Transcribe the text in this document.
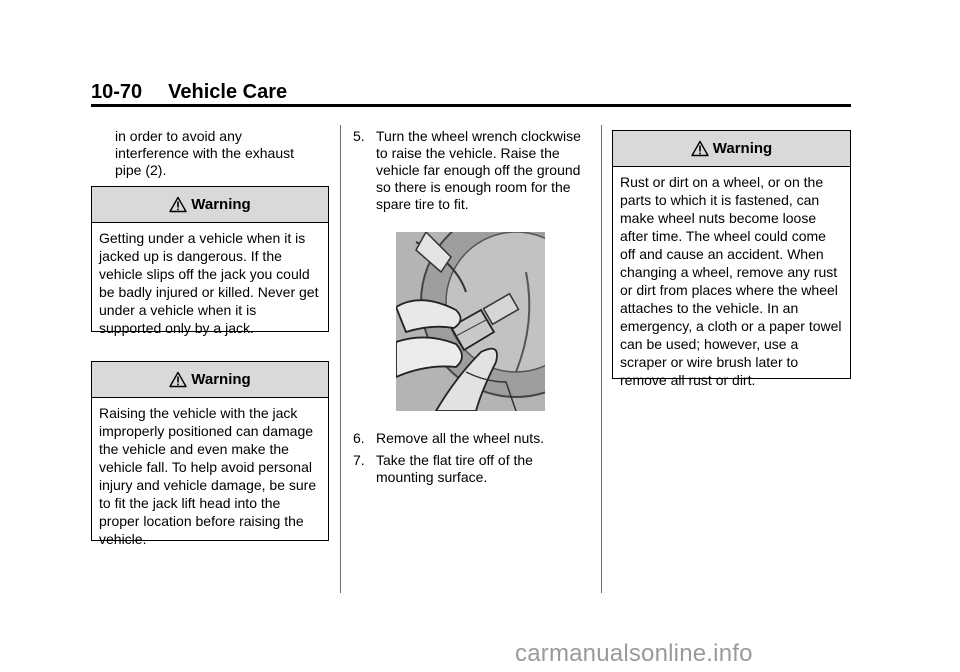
10-70 Vehicle Care

in order to avoid any interference with the exhaust pipe (2).

Warning
Getting under a vehicle when it is jacked up is dangerous. If the vehicle slips off the jack you could be badly injured or killed. Never get under a vehicle when it is supported only by a jack.
Warning
Raising the vehicle with the jack improperly positioned can damage the vehicle and even make the vehicle fall. To help avoid personal injury and vehicle damage, be sure to fit the jack lift head into the proper location before raising the vehicle.
5. Turn the wheel wrench clockwise to raise the vehicle. Raise the vehicle far enough off the ground so there is enough room for the spare tire to fit.
6. Remove all the wheel nuts.
7. Take the flat tire off of the mounting surface.
Warning
Rust or dirt on a wheel, or on the parts to which it is fastened, can make wheel nuts become loose after time. The wheel could come off and cause an accident. When changing a wheel, remove any rust or dirt from places where the wheel attaches to the vehicle. In an emergency, a cloth or a paper towel can be used; however, use a scraper or wire brush later to remove all rust or dirt.
carmanualsonline.info
